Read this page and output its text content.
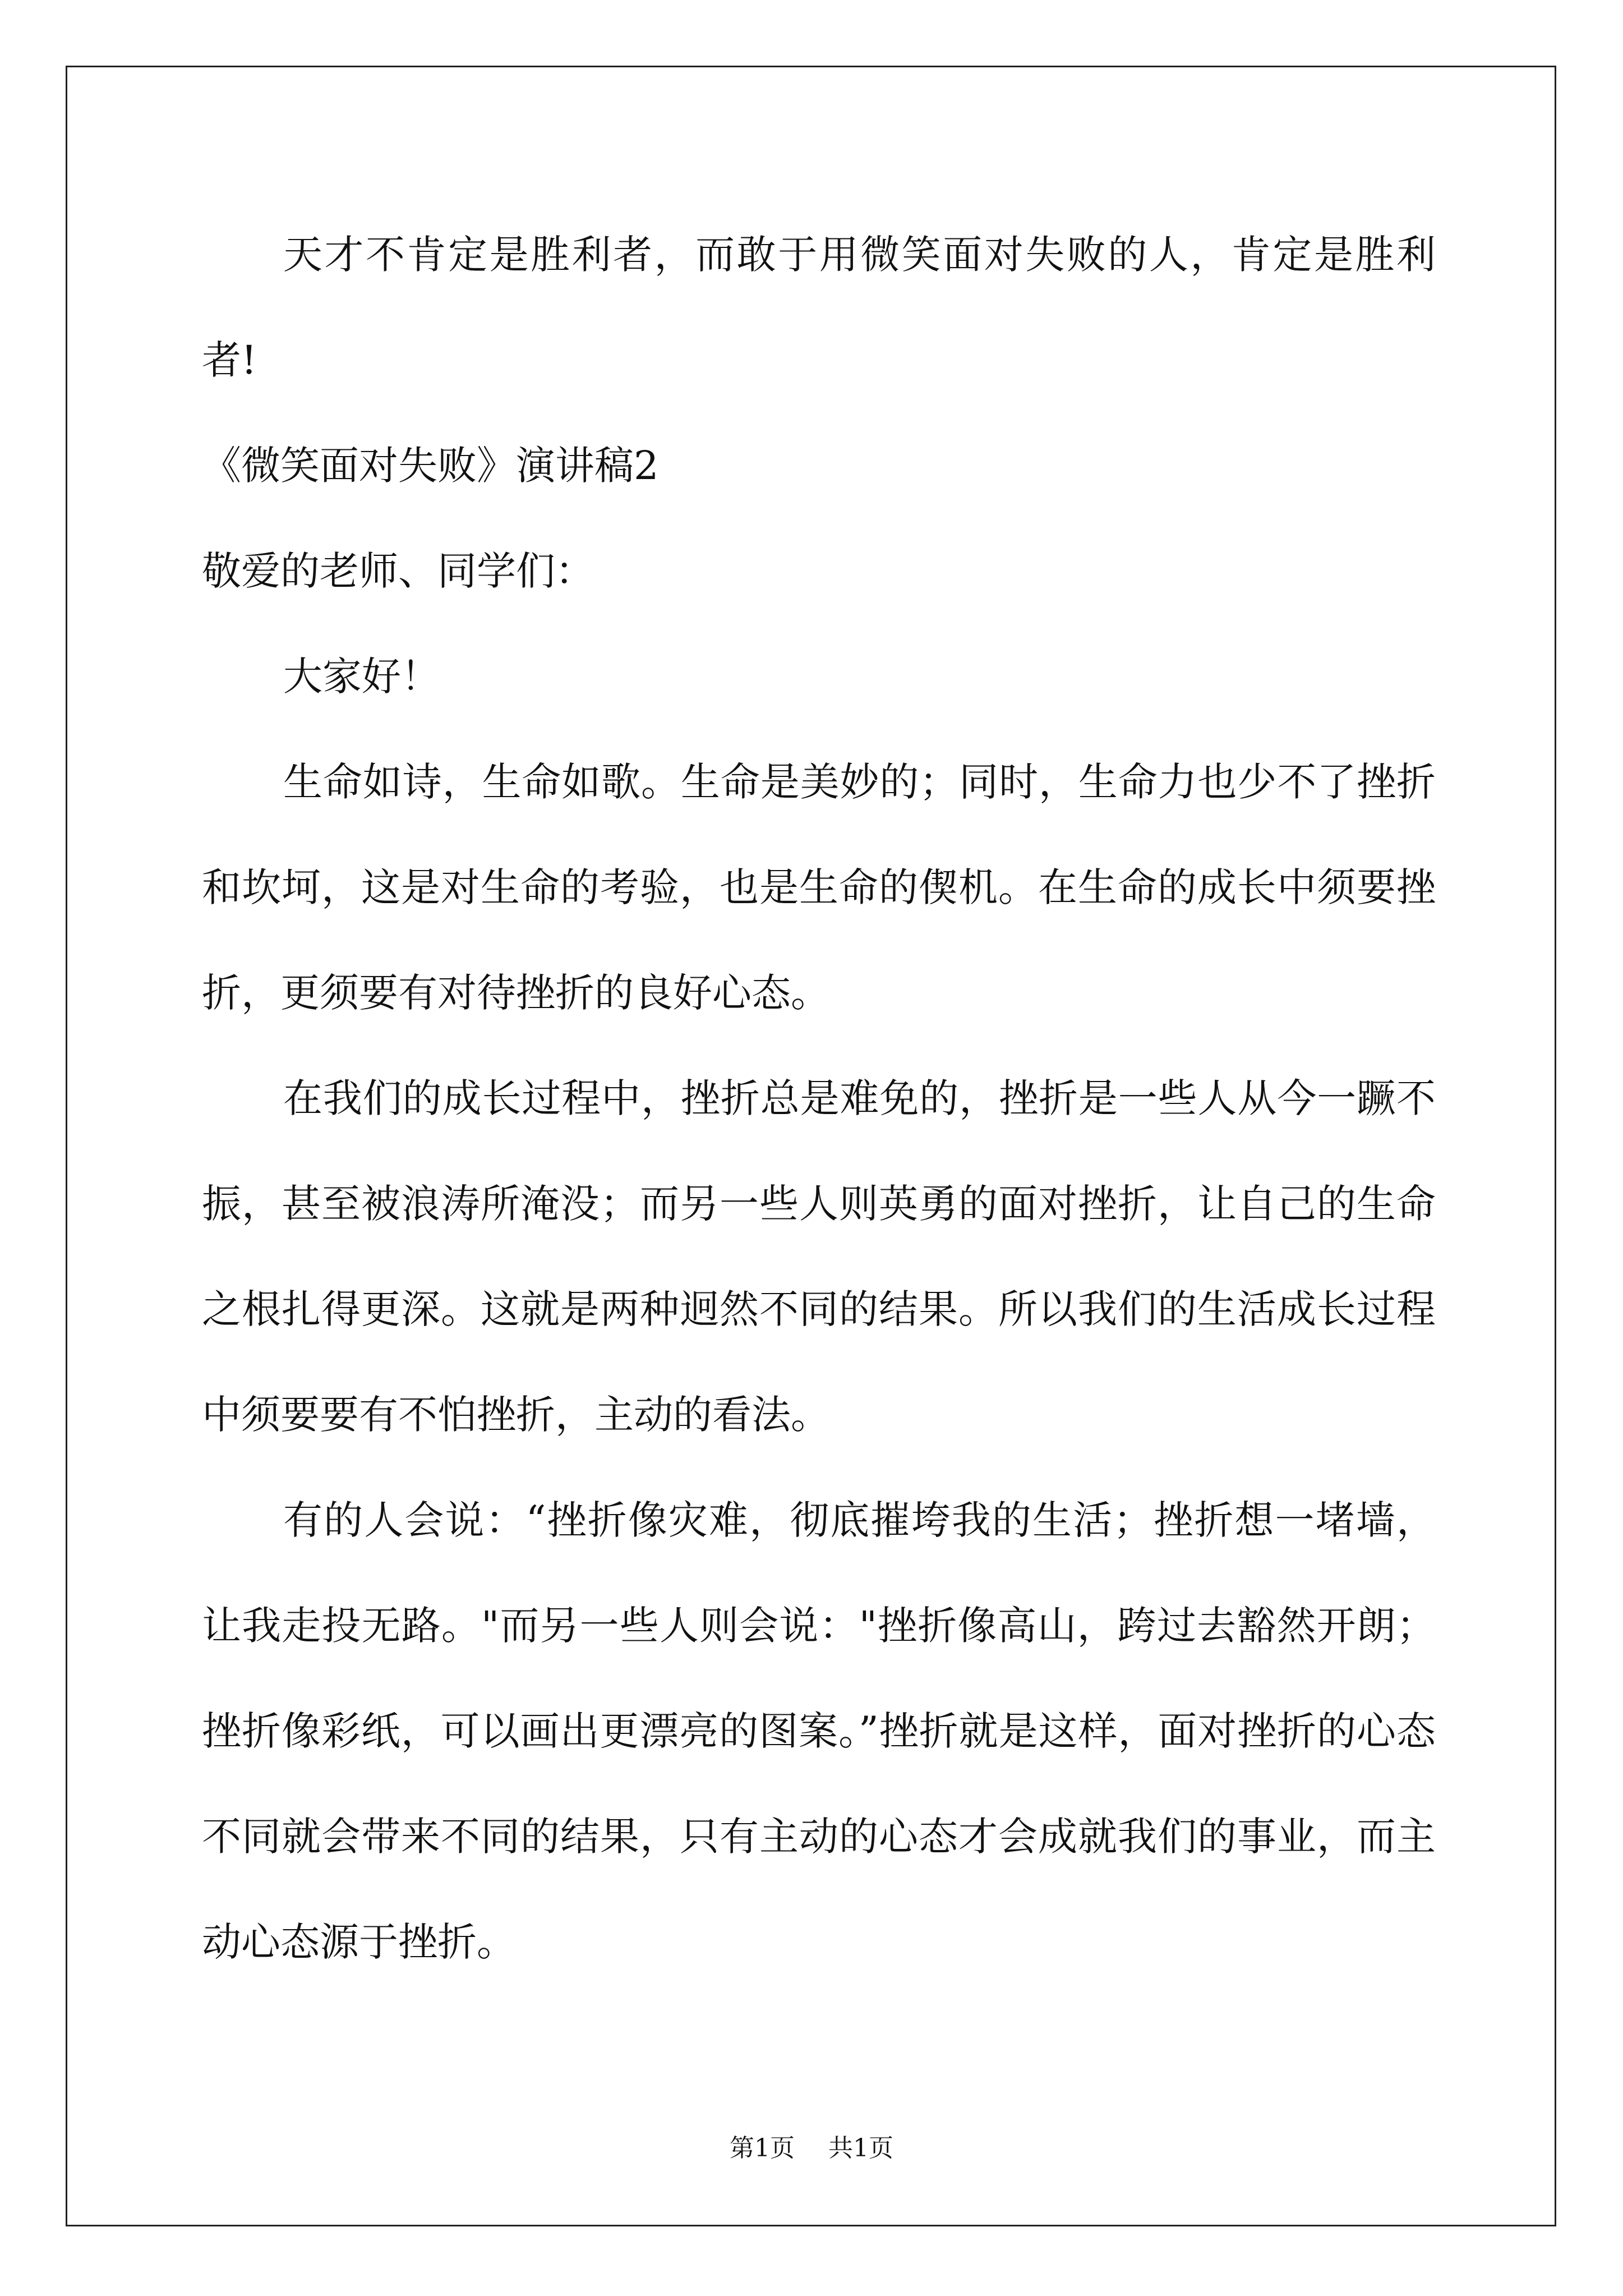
天才不肯定是胜利者，而敢于用微笑面对失败的人，肯定是胜利者!

《微笑面对失败》演讲稿2

敬爱的老师、同学们：

大家好！

生命如诗，生命如歌。生命是美妙的；同时，生命力也少不了挫折和坎坷，这是对生命的考验，也是生命的偰机。在生命的成长中须要挫折，更须要有对待挫折的良好心态。

在我们的成长过程中，挫折总是难免的，挫折是一些人从今一蹶不振，甚至被浪涛所淹没；而另一些人则英勇的面对挫折，让自己的生命之根扎得更深。这就是两种迥然不同的结果。所以我们的生活成长过程中须要要有不怕挫折，主动的看法。

有的人会说：“挫折像灾难，彻底摧垮我的生活；挫折想一堵墙，让我走投无路。"而另一些人则会说："挫折像高山，跨过去豁然开朗；挫折像彩纸，可以画出更漂亮的图案。”挫折就是这样，面对挫折的心态不同就会带来不同的结果，只有主动的心态才会成就我们的事业，而主动心态源于挫折。

第1页 共1页
